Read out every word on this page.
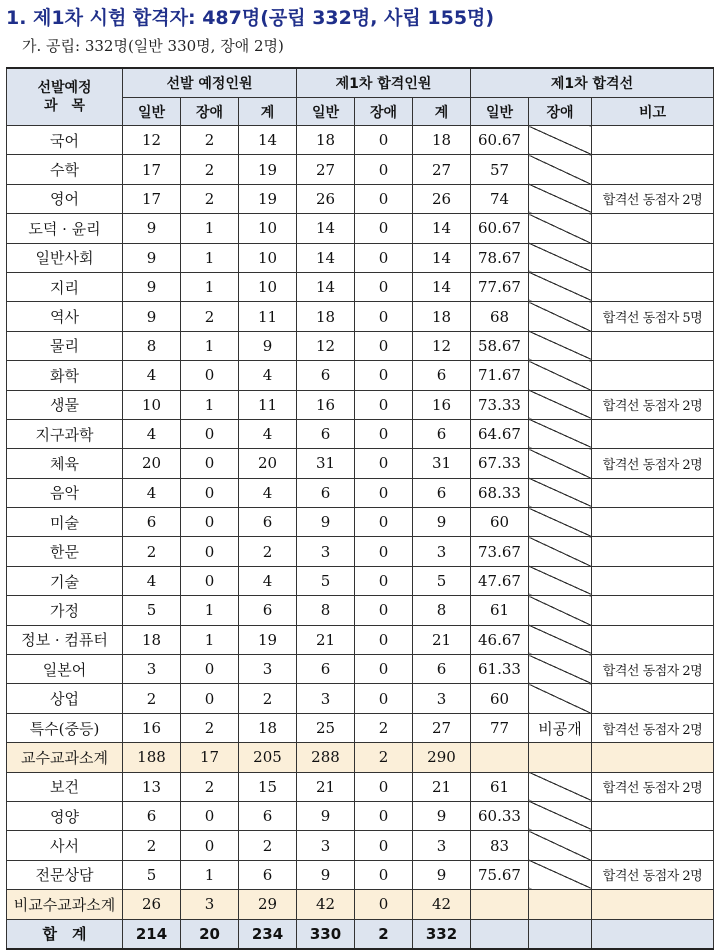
1. 제1차 시험 합격자: 487명(공립 332명, 사립 155명)
가. 공립: 332명(일반 330명, 장애 2명)
선발예정
과　목	선발 예정인원			제1차 합격인원			제1차 합격선		
	일반	장애	계	일반	장애	계	일반	장애	비고
국어	12	2	14	18	0	18	60.67		
수학	17	2	19	27	0	27	57		
영어	17	2	19	26	0	26	74		합격선 동점자 2명
도덕 · 윤리	9	1	10	14	0	14	60.67		
일반사회	9	1	10	14	0	14	78.67		
지리	9	1	10	14	0	14	77.67		
역사	9	2	11	18	0	18	68		합격선 동점자 5명
물리	8	1	9	12	0	12	58.67		
화학	4	0	4	6	0	6	71.67		
생물	10	1	11	16	0	16	73.33		합격선 동점자 2명
지구과학	4	0	4	6	0	6	64.67		
체육	20	0	20	31	0	31	67.33		합격선 동점자 2명
음악	4	0	4	6	0	6	68.33		
미술	6	0	6	9	0	9	60		
한문	2	0	2	3	0	3	73.67		
기술	4	0	4	5	0	5	47.67		
가정	5	1	6	8	0	8	61		
정보 · 컴퓨터	18	1	19	21	0	21	46.67		
일본어	3	0	3	6	0	6	61.33		합격선 동점자 2명
상업	2	0	2	3	0	3	60		
특수(중등)	16	2	18	25	2	27	77	비공개	합격선 동점자 2명
교수교과소계	188	17	205	288	2	290			
보건	13	2	15	21	0	21	61		합격선 동점자 2명
영양	6	0	6	9	0	9	60.33		
사서	2	0	2	3	0	3	83		
전문상담	5	1	6	9	0	9	75.67		합격선 동점자 2명
비교수교과소계	26	3	29	42	0	42			
합　계	214	20	234	330	2	332			
